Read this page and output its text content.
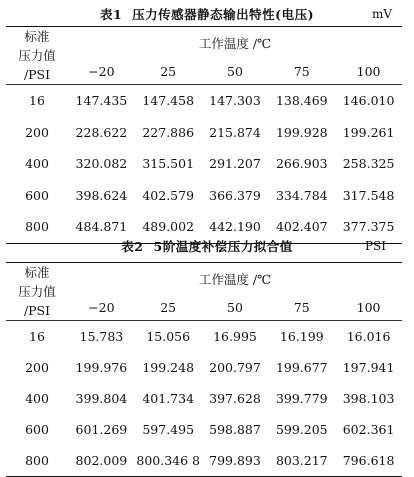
表1 压力传感器静态输出特性(电压)	mV
标准
压力值
/PSI	工作温度 /℃				
	−20	25	50	75	100
16	147.435	147.458	147.303	138.469	146.010
200	228.622	227.886	215.874	199.928	199.261
400	320.082	315.501	291.207	266.903	258.325
600	398.624	402.579	366.379	334.784	317.548
800	484.871	489.002	442.190	402.407	377.375
表2 5阶温度补偿压力拟合值	PSI
标准
压力值
/PSI	工作温度 /℃				
	−20	25	50	75	100
16	15.783	15.056	16.995	16.199	16.016
200	199.976	199.248	200.797	199.677	197.941
400	399.804	401.734	397.628	399.779	398.103
600	601.269	597.495	598.887	599.205	602.361
800	802.009	800.346 8	799.893	803.217	796.618
